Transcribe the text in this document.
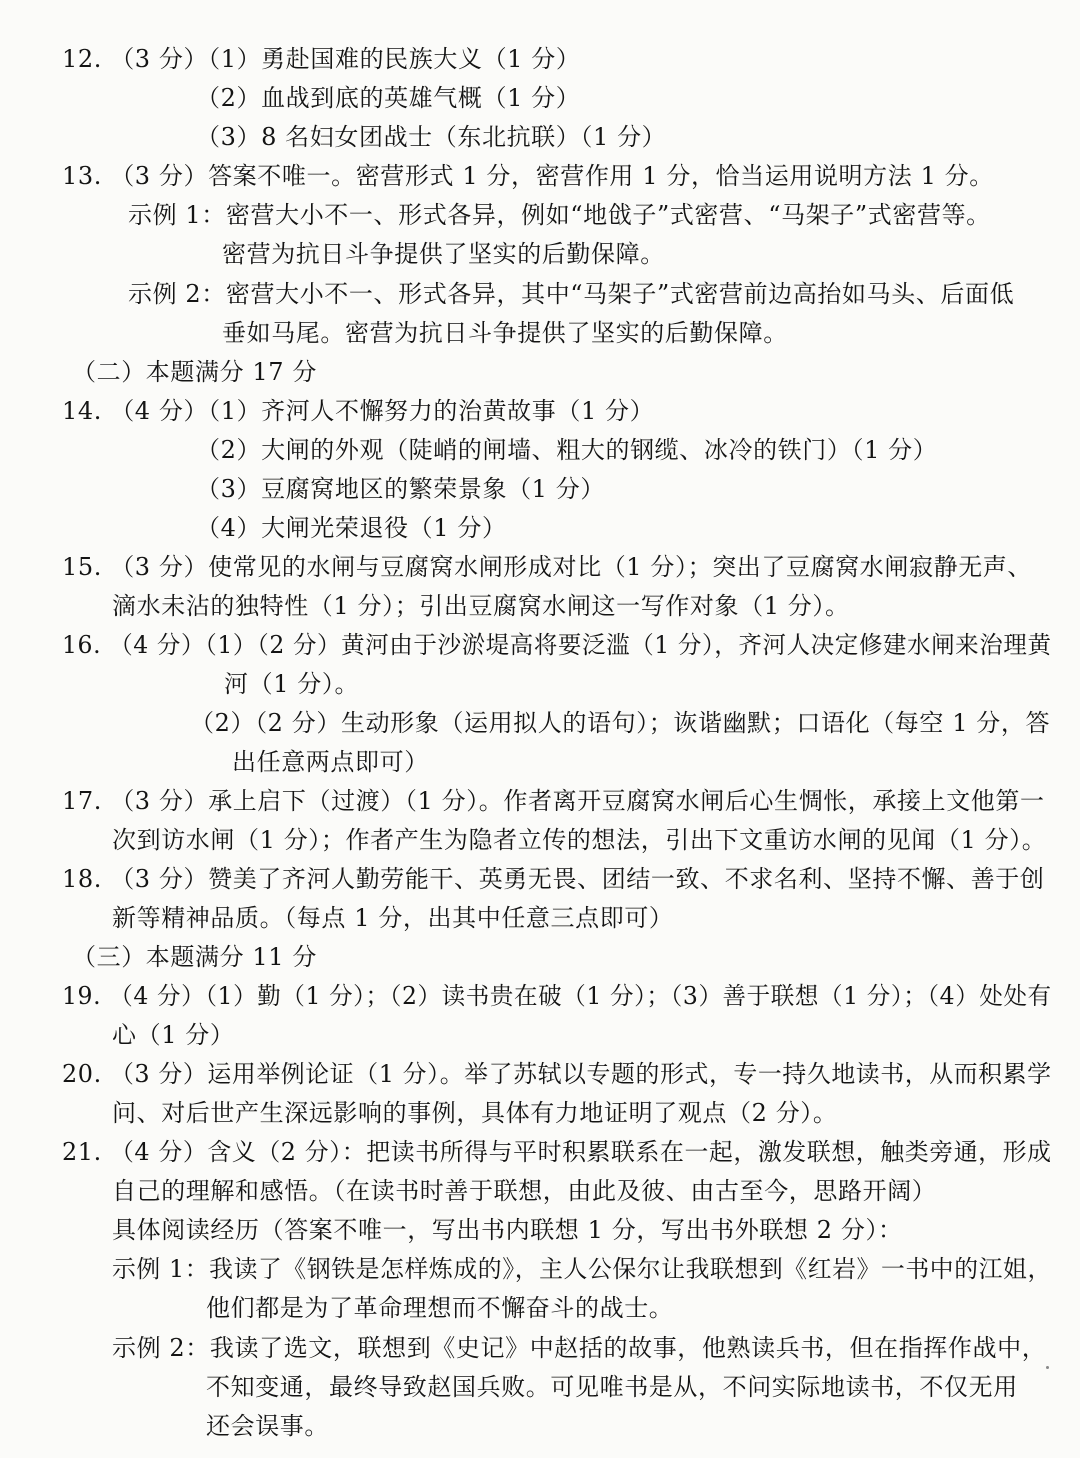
12. （3 分）（1）勇赴国难的民族大义（1 分）
（2）血战到底的英雄气概（1 分）
（3）8 名妇女团战士（东北抗联）（1 分）
13. （3 分）答案不唯一。密营形式 1 分，密营作用 1 分，恰当运用说明方法 1 分。
示例 1：密营大小不一、形式各异，例如“地戗子”式密营、“马架子”式密营等。
密营为抗日斗争提供了坚实的后勤保障。
示例 2：密营大小不一、形式各异，其中“马架子”式密营前边高抬如马头、后面低
垂如马尾。密营为抗日斗争提供了坚实的后勤保障。
（二）本题满分 17 分
14. （4 分）（1）齐河人不懈努力的治黄故事（1 分）
（2）大闸的外观（陡峭的闸墙、粗大的钢缆、冰冷的铁门）（1 分）
（3）豆腐窝地区的繁荣景象（1 分）
（4）大闸光荣退役（1 分）
15. （3 分）使常见的水闸与豆腐窝水闸形成对比（1 分）；突出了豆腐窝水闸寂静无声、
滴水未沾的独特性（1 分）；引出豆腐窝水闸这一写作对象（1 分）。
16. （4 分）（1）（2 分）黄河由于沙淤堤高将要泛滥（1 分），齐河人决定修建水闸来治理黄
河（1 分）。
（2）（2 分）生动形象（运用拟人的语句）；诙谐幽默；口语化（每空 1 分，答
出任意两点即可）
17. （3 分）承上启下（过渡）（1 分）。作者离开豆腐窝水闸后心生惆怅，承接上文他第一
次到访水闸（1 分）；作者产生为隐者立传的想法，引出下文重访水闸的见闻（1 分）。
18. （3 分）赞美了齐河人勤劳能干、英勇无畏、团结一致、不求名利、坚持不懈、善于创
新等精神品质。（每点 1 分，出其中任意三点即可）
（三）本题满分 11 分
19. （4 分）（1）勤（1 分）；（2）读书贵在破（1 分）；（3）善于联想（1 分）；（4）处处有
心（1 分）
20. （3 分）运用举例论证（1 分）。举了苏轼以专题的形式，专一持久地读书，从而积累学
问、对后世产生深远影响的事例，具体有力地证明了观点（2 分）。
21. （4 分）含义（2 分）：把读书所得与平时积累联系在一起，激发联想，触类旁通，形成
自己的理解和感悟。（在读书时善于联想，由此及彼、由古至今，思路开阔）
具体阅读经历（答案不唯一，写出书内联想 1 分，写出书外联想 2 分）：
示例 1：我读了《钢铁是怎样炼成的》，主人公保尔让我联想到《红岩》一书中的江姐，
他们都是为了革命理想而不懈奋斗的战士。
示例 2：我读了选文，联想到《史记》中赵括的故事，他熟读兵书，但在指挥作战中，
不知变通，最终导致赵国兵败。可见唯书是从，不问实际地读书，不仅无用
还会误事。
